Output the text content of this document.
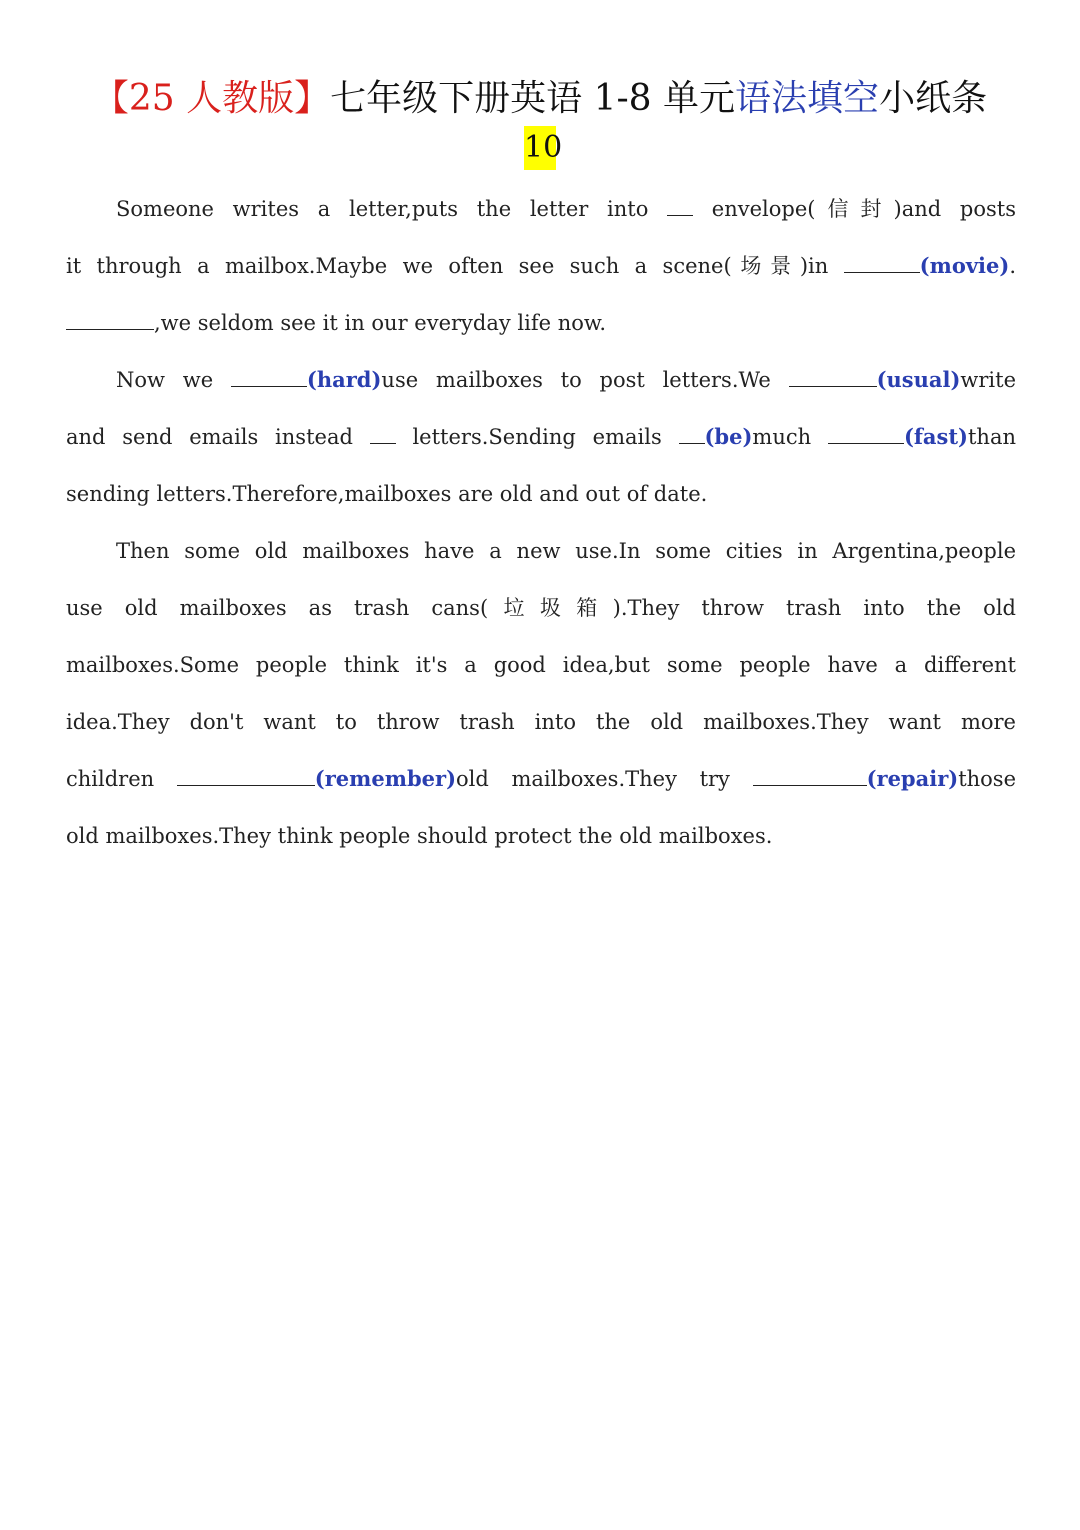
【25 人教版】七年级下册英语 1-8 单元语法填空小纸条
10
Someone writes a letter,puts the letter into  envelope(信封)and posts
it through a mailbox.Maybe we often see such a scene(场景)in	(movie).
,we seldom see it in our everyday life now.
Now we	(hard)use mailboxes to post letters.We	(usual)write
and send emails instead  letters.Sending emails (be)much	(fast)than
sending letters.Therefore,mailboxes are old and out of date.
Then some old mailboxes have a new use.In some cities in Argentina,people
use old mailboxes as trash cans(垃圾箱).They throw trash into the old
mailboxes.Some people think it's a good idea,but some people have a different
idea.They don't want to throw trash into the old mailboxes.They want more
children	(remember)old mailboxes.They try	(repair)those
old mailboxes.They think people should protect the old mailboxes.
